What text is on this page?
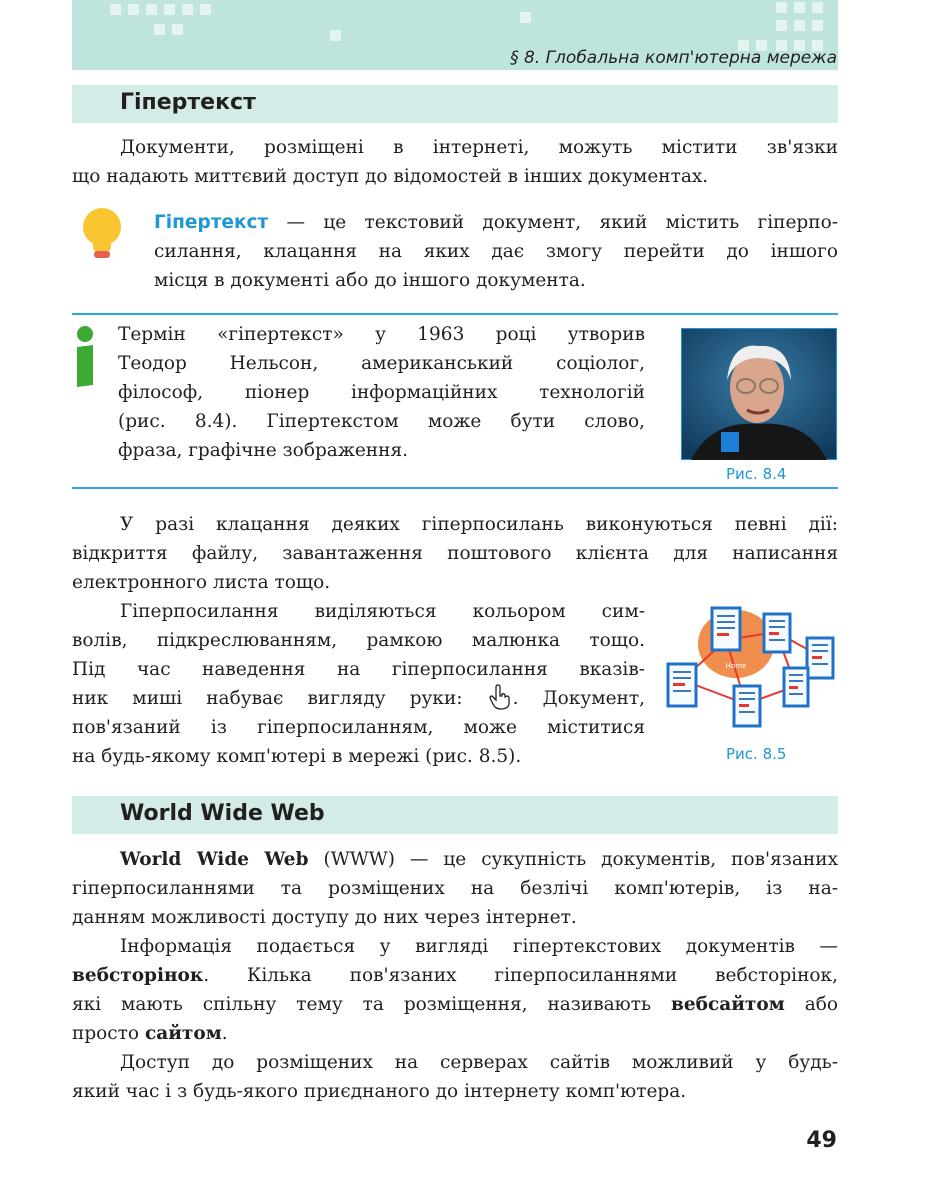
§ 8. Глобальна комп'ютерна мережа
Гіпертекст
Документи, розміщені в інтернеті, можуть містити зв'язки
що надають миттєвий доступ до відомостей в інших документах.
Гіпертекст — це текстовий документ, який містить гіперпо-
силання, клацання на яких дає змогу перейти до іншого
місця в документі або до іншого документа.
Термін «гіпертекст» у 1963 році утворив
Теодор Нельсон, американський соціолог,
філософ, піонер інформаційних технологій
(рис. 8.4). Гіпертекстом може бути слово,
фраза, графічне зображення.
Рис. 8.4
У разі клацання деяких гіперпосилань виконуються певні дії:
відкриття файлу, завантаження поштового клієнта для написання
електронного листа тощо.
Гіперпосилання виділяються кольором сим-
волів, підкреслюванням, рамкою малюнка тощо.
Під час наведення на гіперпосилання вказів-
ник миші набуває вигляду руки:	. Документ,
пов'язаний із гіперпосиланням, може міститися
на будь-якому комп'ютері в мережі (рис. 8.5).
Home
Рис. 8.5
World Wide Web
World Wide Web (WWW) — це сукупність документів, пов'язаних
гіперпосиланнями та розміщених на безлічі комп'ютерів, із на-
данням можливості доступу до них через інтернет.
Інформація подається у вигляді гіпертекстових документів —
вебсторінок. Кілька пов'язаних гіперпосиланнями вебсторінок,
які мають спільну тему та розміщення, називають вебсайтом або
просто сайтом.
Доступ до розміщених на серверах сайтів можливий у будь-
який час і з будь-якого приєднаного до інтернету комп'ютера.
49
